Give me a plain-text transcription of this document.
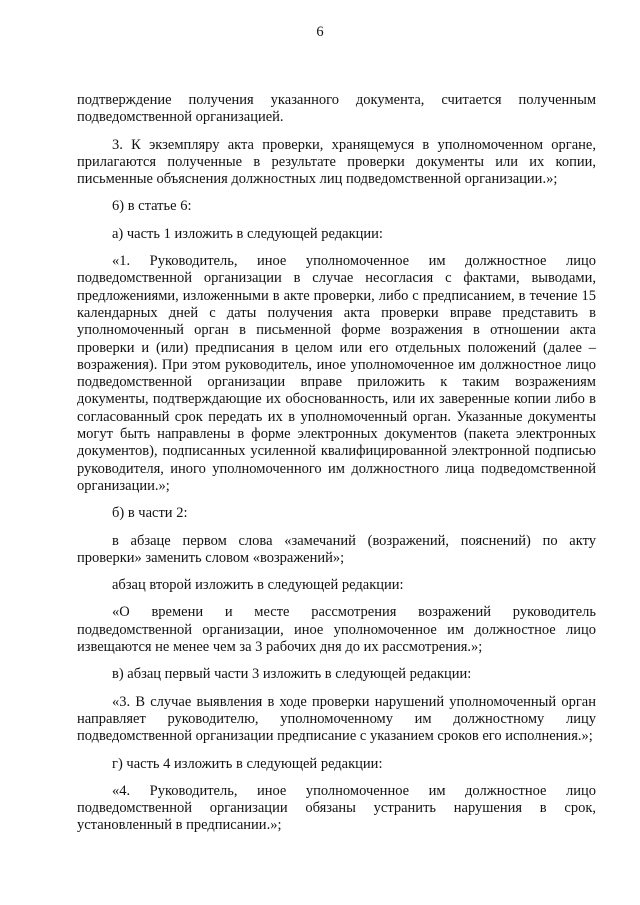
6

подтверждение получения указанного документа, считается полученным подведомственной организацией.

3. К экземпляру акта проверки, хранящемуся в уполномоченном органе, прилагаются полученные в результате проверки документы или их копии, письменные объяснения должностных лиц подведомственной организации.»;

6) в статье 6:

а) часть 1 изложить в следующей редакции:

«1. Руководитель, иное уполномоченное им должностное лицо подведомственной организации в случае несогласия с фактами, выводами, предложениями, изложенными в акте проверки, либо с предписанием, в течение 15 календарных дней с даты получения акта проверки вправе представить в уполномоченный орган в письменной форме возражения в отношении акта проверки и (или) предписания в целом или его отдельных положений (далее – возражения). При этом руководитель, иное уполномоченное им должностное лицо подведомственной организации вправе приложить к таким возражениям документы, подтверждающие их обоснованность, или их заверенные копии либо в согласованный срок передать их в уполномоченный орган. Указанные документы могут быть направлены в форме электронных документов (пакета электронных документов), подписанных усиленной квалифицированной электронной подписью руководителя, иного уполномоченного им должностного лица подведомственной организации.»;

б) в части 2:

в абзаце первом слова «замечаний (возражений, пояснений) по акту проверки» заменить словом «возражений»;

абзац второй изложить в следующей редакции:

«О времени и месте рассмотрения возражений руководитель подведомственной организации, иное уполномоченное им должностное лицо извещаются не менее чем за 3 рабочих дня до их рассмотрения.»;

в) абзац первый части 3 изложить в следующей редакции:

«3. В случае выявления в ходе проверки нарушений уполномоченный орган направляет руководителю, уполномоченному им должностному лицу подведомственной организации предписание с указанием сроков его исполнения.»;

г) часть 4 изложить в следующей редакции:

«4. Руководитель, иное уполномоченное им должностное лицо подведомственной организации обязаны устранить нарушения в срок, установленный в предписании.»;
